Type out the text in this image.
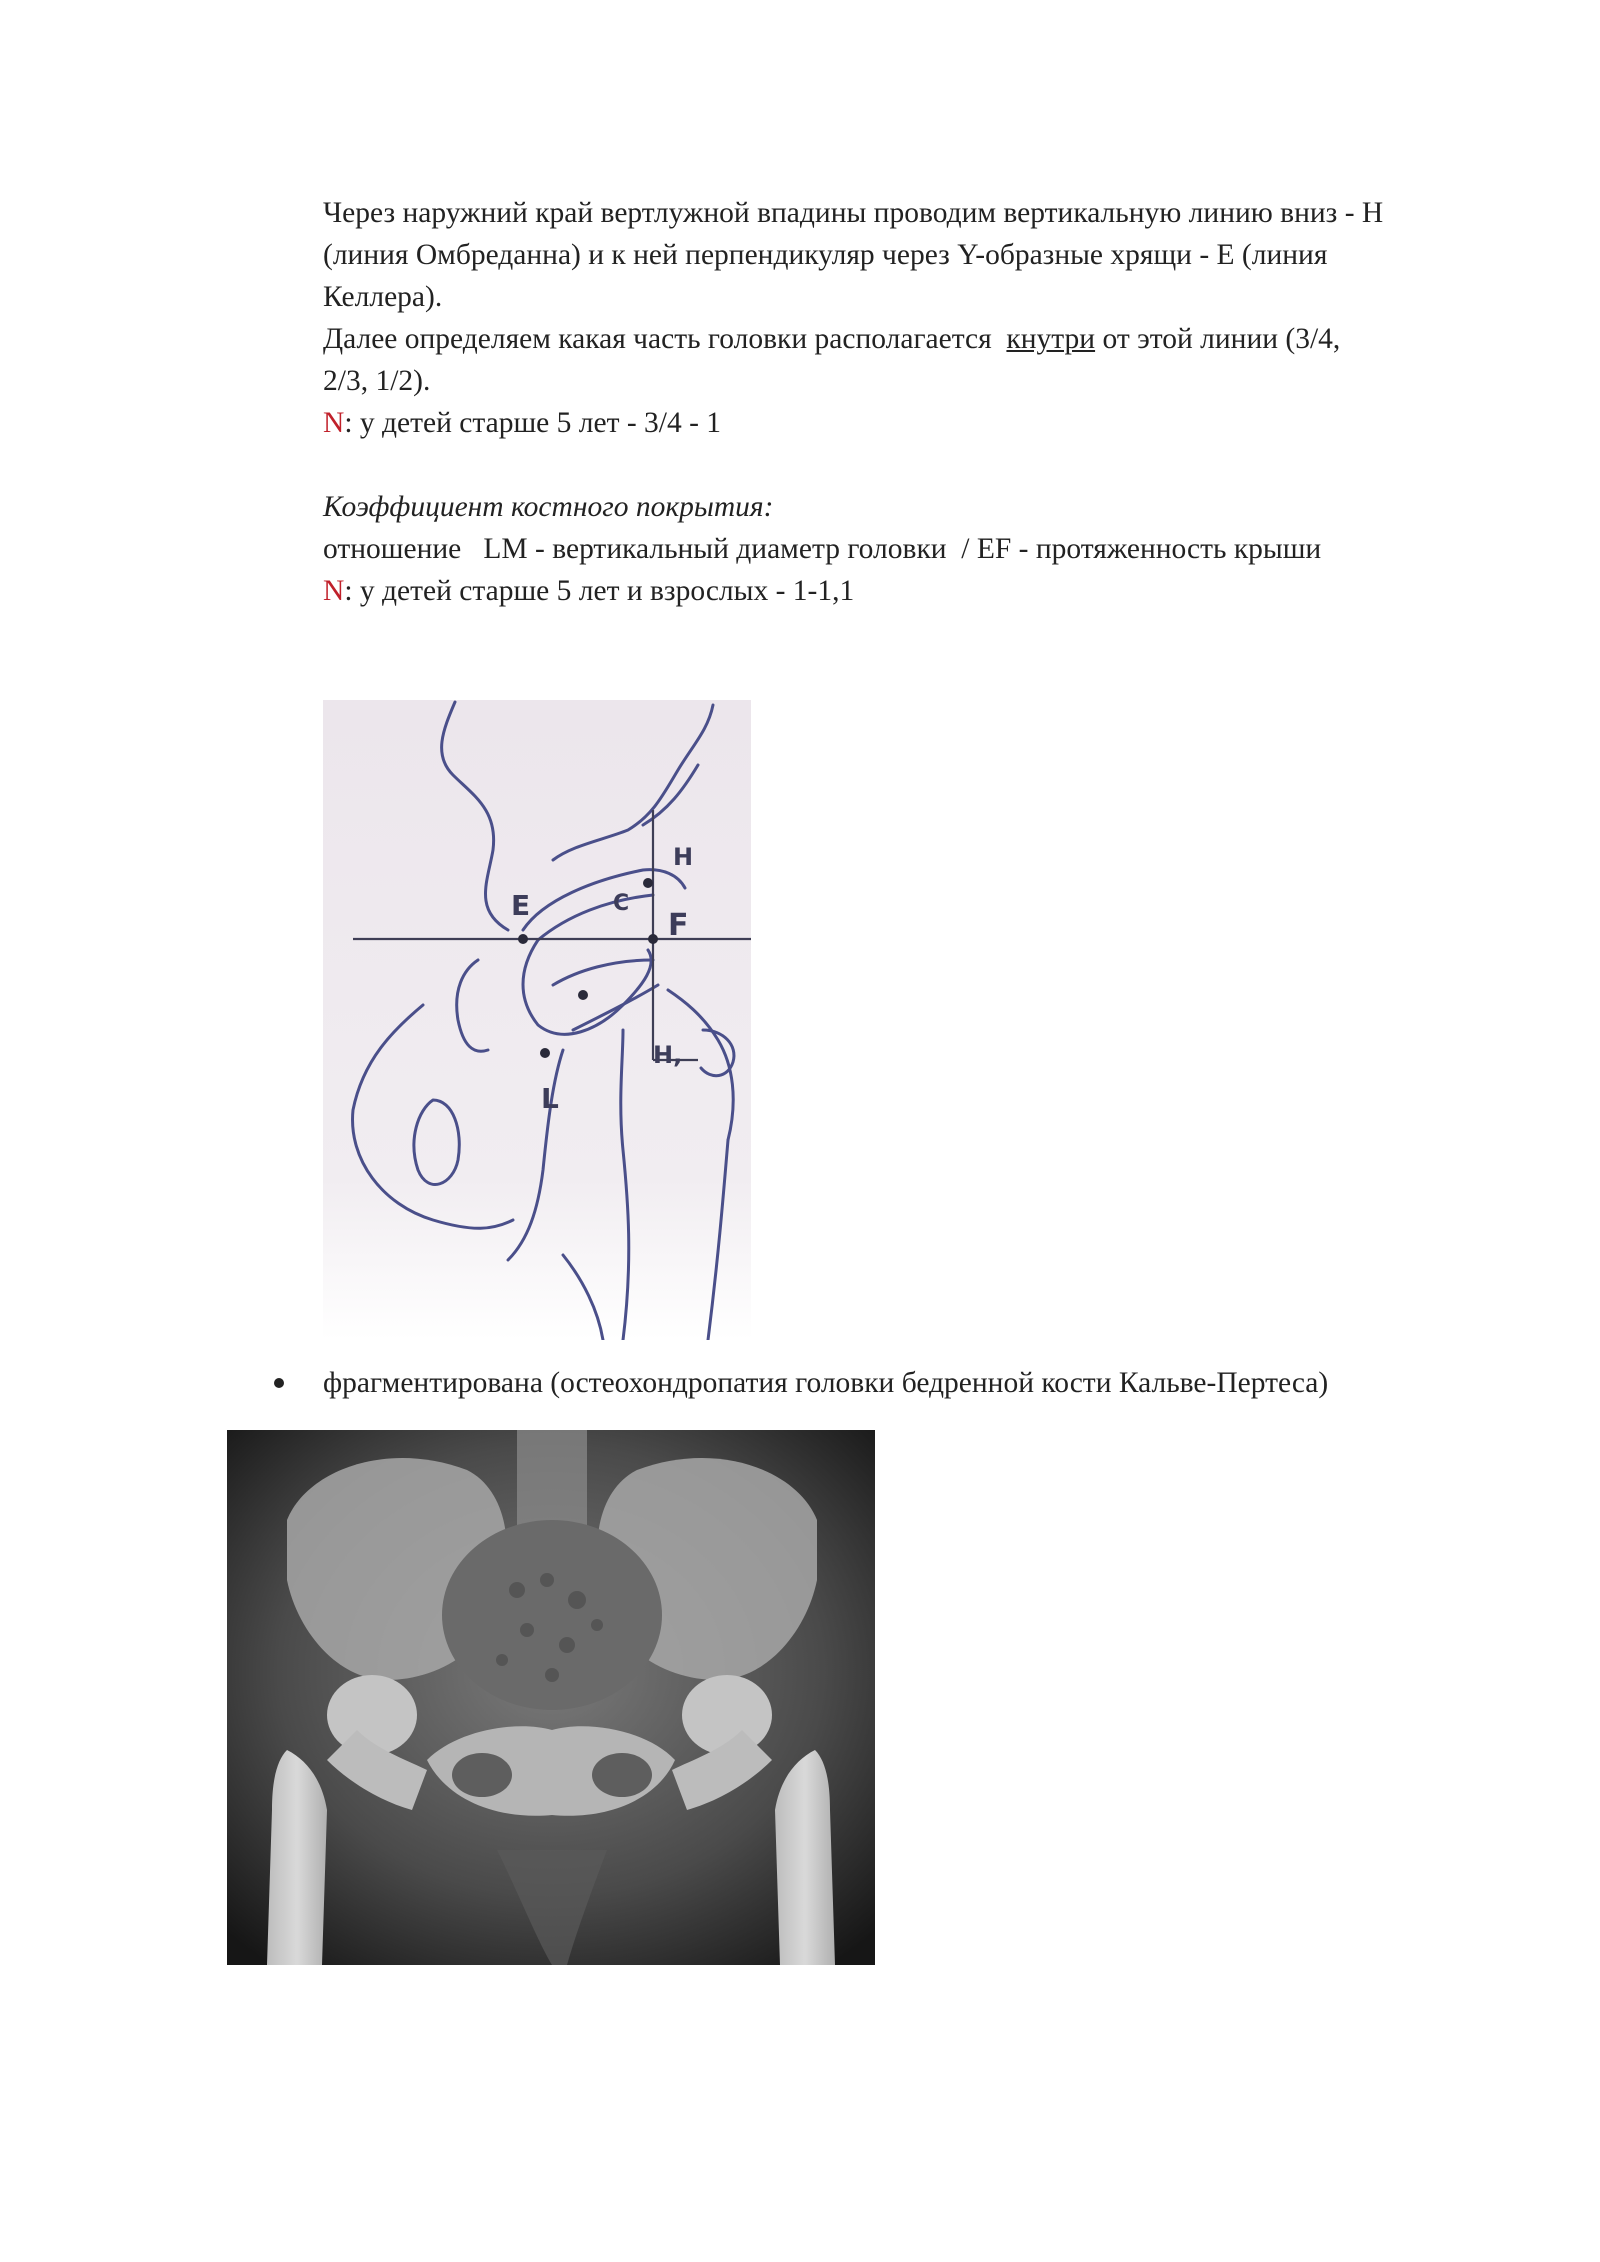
Через наружний край вертлужной впадины проводим вертикальную линию вниз - Н
(линия Омбреданна) и к ней перпендикуляр через Y-образные хрящи - Е (линия
Келлера).
Далее определяем какая часть головки располагается  кнутри от этой линии (3/4,
2/3, 1/2).
N: у детей старше 5 лет - 3/4 - 1
Коэффициент костного покрытия:
отношение   LM - вертикальный диаметр головки  / EF - протяженность крыши
N: у детей старше 5 лет и взрослых - 1-1,1
E
F
H
H,
L
C

фрагментирована (остеохондропатия головки бедренной кости Кальве-Пертеса)
